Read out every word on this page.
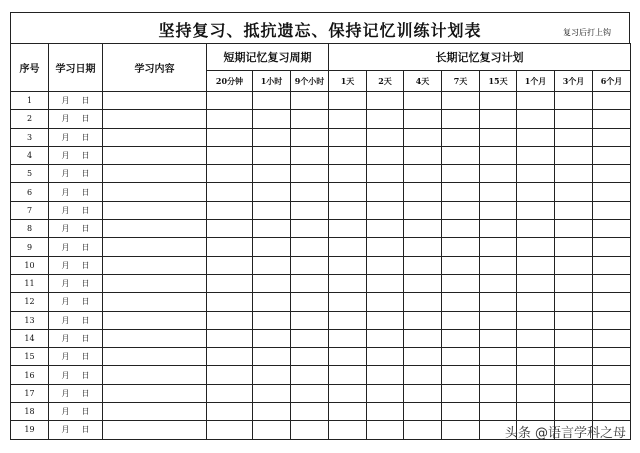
坚持复习、抵抗遗忘、保持记忆训练计划表	复习后打上钩
序号	学习日期	学习内容	短期记忆复习周期			长期记忆复习计划							
			20分钟	1小时	9个小时	1天	2天	4天	7天	15天	1个月	3个月	6个月
1	月 日												
2	月 日												
3	月 日												
4	月 日												
5	月 日												
6	月 日												
7	月 日												
8	月 日												
9	月 日												
10	月 日												
11	月 日												
12	月 日												
13	月 日												
14	月 日												
15	月 日												
16	月 日												
17	月 日												
18	月 日												
19	月 日													头条 @语言学科之母
